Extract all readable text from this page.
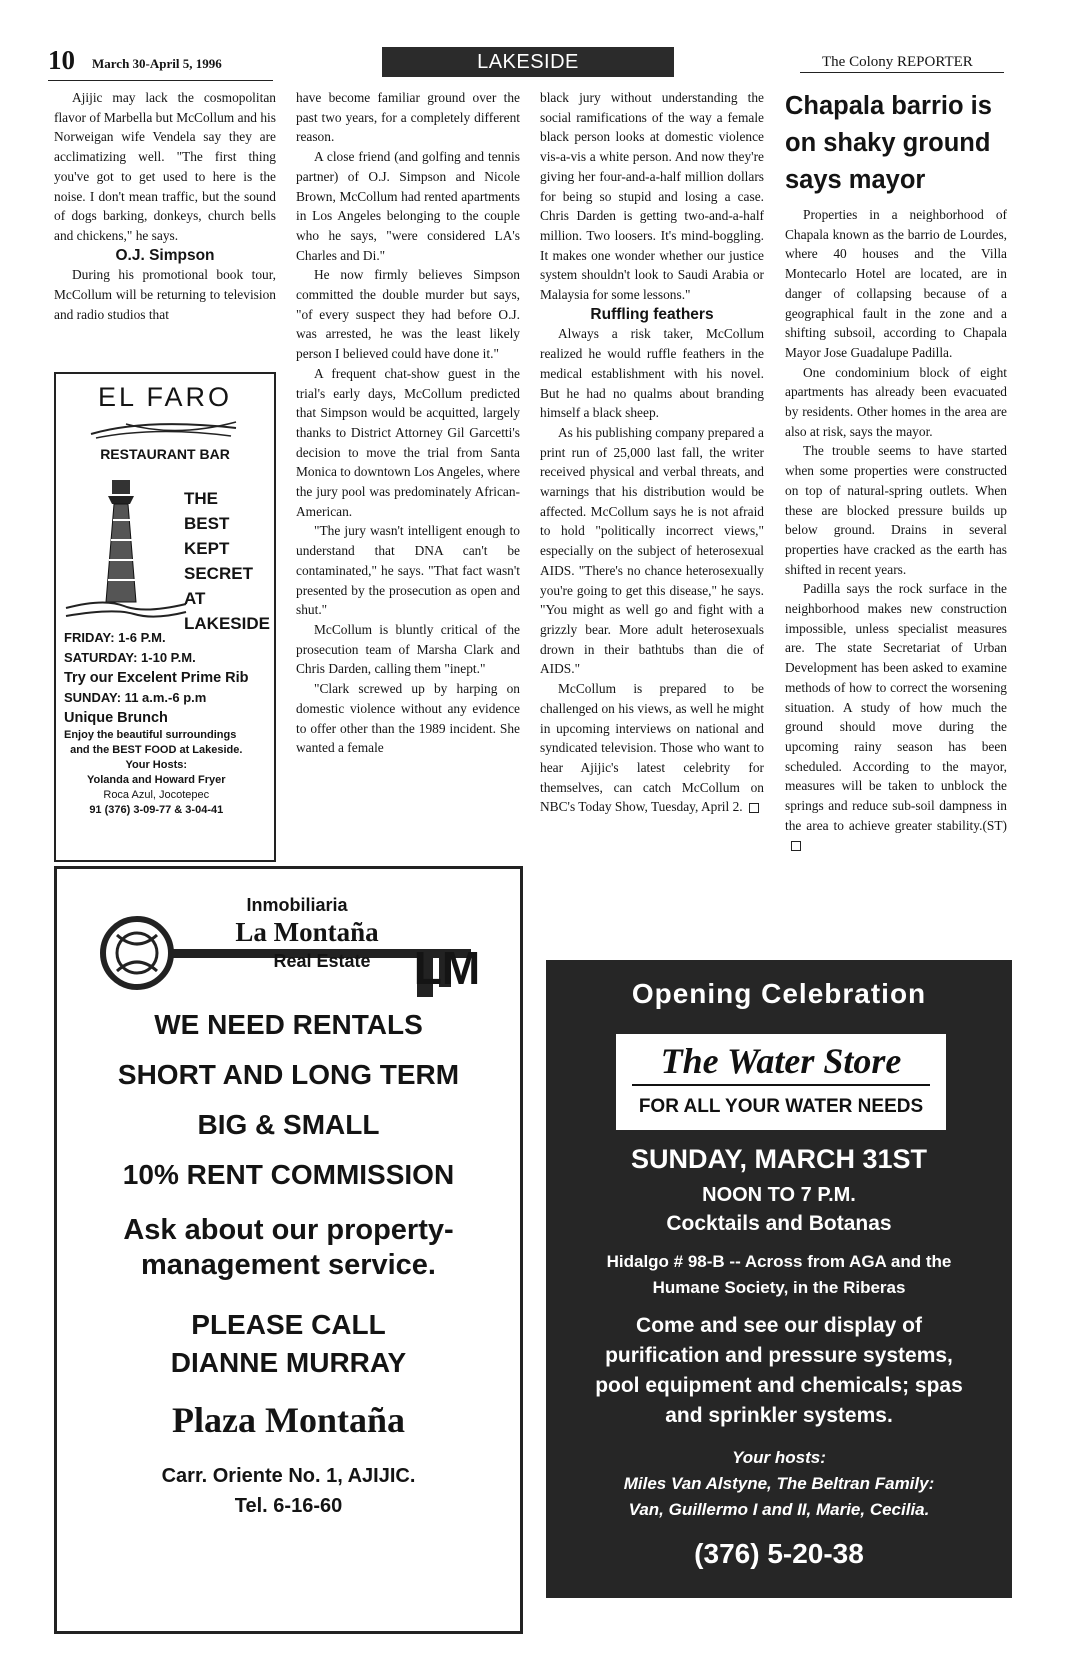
10 March 30-April 5, 1996	LAKESIDE	The Colony REPORTER

Ajijic may lack the cosmopolitan flavor of Marbella but McCollum and his Norweigan wife Vendela say they are acclimatizing well. "The first thing you've got to get used to here is the noise. I don't mean traffic, but the sound of dogs barking, donkeys, church bells and chickens," he says.

O.J. Simpson

During his promotional book tour, McCollum will be returning to television and radio studios that

EL FARO
RESTAURANT BAR
THE
BEST
KEPT
SECRET
AT
LAKESIDE
FRIDAY: 1-6 P.M.
SATURDAY: 1-10 P.M.
Try our Excelent Prime Rib
SUNDAY: 11 a.m.-6 p.m
Unique Brunch
Enjoy the beautiful surroundings
and the BEST FOOD at Lakeside.
Your Hosts:
Yolanda and Howard Fryer
Roca Azul, Jocotepec
91 (376) 3-09-77 & 3-04-41

have become familiar ground over the past two years, for a completely different reason.

A close friend (and golfing and tennis partner) of O.J. Simpson and Nicole Brown, McCollum had rented apartments in Los Angeles belonging to the couple who he says, "were considered LA's Charles and Di."

He now firmly believes Simpson committed the double murder but says, "of every suspect they had before O.J. was arrested, he was the least likely person I believed could have done it."

A frequent chat-show guest in the trial's early days, McCollum predicted that Simpson would be acquitted, largely thanks to District Attorney Gil Garcetti's decision to move the trial from Santa Monica to downtown Los Angeles, where the jury pool was predominately African-American.

"The jury wasn't intelligent enough to understand that DNA can't be contaminated," he says. "That fact wasn't presented by the prosecution as open and shut."

McCollum is bluntly critical of the prosecution team of Marsha Clark and Chris Darden, calling them "inept."

"Clark screwed up by harping on domestic violence without any evidence to offer other than the 1989 incident. She wanted a female

black jury without understanding the social ramifications of the way a female black person looks at domestic violence vis-a-vis a white person. And now they're giving her four-and-a-half million dollars for being so stupid and losing a case. Chris Darden is getting two-and-a-half million. Two loosers. It's mind-boggling. It makes one wonder whether our justice system shouldn't look to Saudi Arabia or Malaysia for some lessons."

Ruffling feathers

Always a risk taker, McCollum realized he would ruffle feathers in the medical establishment with his novel. But he had no qualms about branding himself a black sheep.

As his publishing company prepared a print run of 25,000 last fall, the writer received physical and verbal threats, and warnings that his distribution would be affected. McCollum says he is not afraid to hold "politically incorrect views," especially on the subject of heterosexual AIDS. "There's no chance heterosexually you're going to get this disease," he says. "You might as well go and fight with a grizzly bear. More adult heterosexuals drown in their bathtubs than die of AIDS."

McCollum is prepared to be challenged on his views, as well he might in upcoming interviews on national and syndicated television. Those who want to hear Ajijic's latest celebrity for themselves, can catch McCollum on NBC's Today Show, Tuesday, April 2.

Chapala barrio is on shaky ground says mayor

Properties in a neighborhood of Chapala known as the barrio de Lourdes, where 40 houses and the Villa Montecarlo Hotel are located, are in danger of collapsing because of a geographical fault in the zone and a shifting subsoil, according to Chapala Mayor Jose Guadalupe Padilla.

One condominium block of eight apartments has already been evacuated by residents. Other homes in the area are also at risk, says the mayor.

The trouble seems to have started when some properties were constructed on top of natural-spring outlets. When these are blocked pressure builds up below ground. Drains in several properties have cracked as the earth has shifted in recent years.

Padilla says the rock surface in the neighborhood makes new construction impossible, unless specialist measures are. The state Secretariat of Urban Development has been asked to examine methods of how to correct the worsening situation. A study of how much the ground should move during the upcoming rainy season has been scheduled. According to the mayor, measures will be taken to unblock the springs and reduce sub-soil dampness in the area to achieve greater stability.(ST)

Inmobiliaria
La Montaña
Real Estate LM
WE NEED RENTALS
SHORT AND LONG TERM
BIG & SMALL
10% RENT COMMISSION
Ask about our property-
management service.
PLEASE CALL
DIANNE MURRAY
Plaza Montaña
Carr. Oriente No. 1, AJIJIC.
Tel. 6-16-60
Opening Celebration
The Water Store
FOR ALL YOUR WATER NEEDS
SUNDAY, MARCH 31ST
NOON TO 7 P.M.
Cocktails and Botanas
Hidalgo # 98-B -- Across from AGA and the
Humane Society, in the Riberas
Come and see our display of
purification and pressure systems,
pool equipment and chemicals; spas
and sprinkler systems.
Your hosts:
Miles Van Alstyne, The Beltran Family:
Van, Guillermo I and II, Marie, Cecilia.
(376) 5-20-38
